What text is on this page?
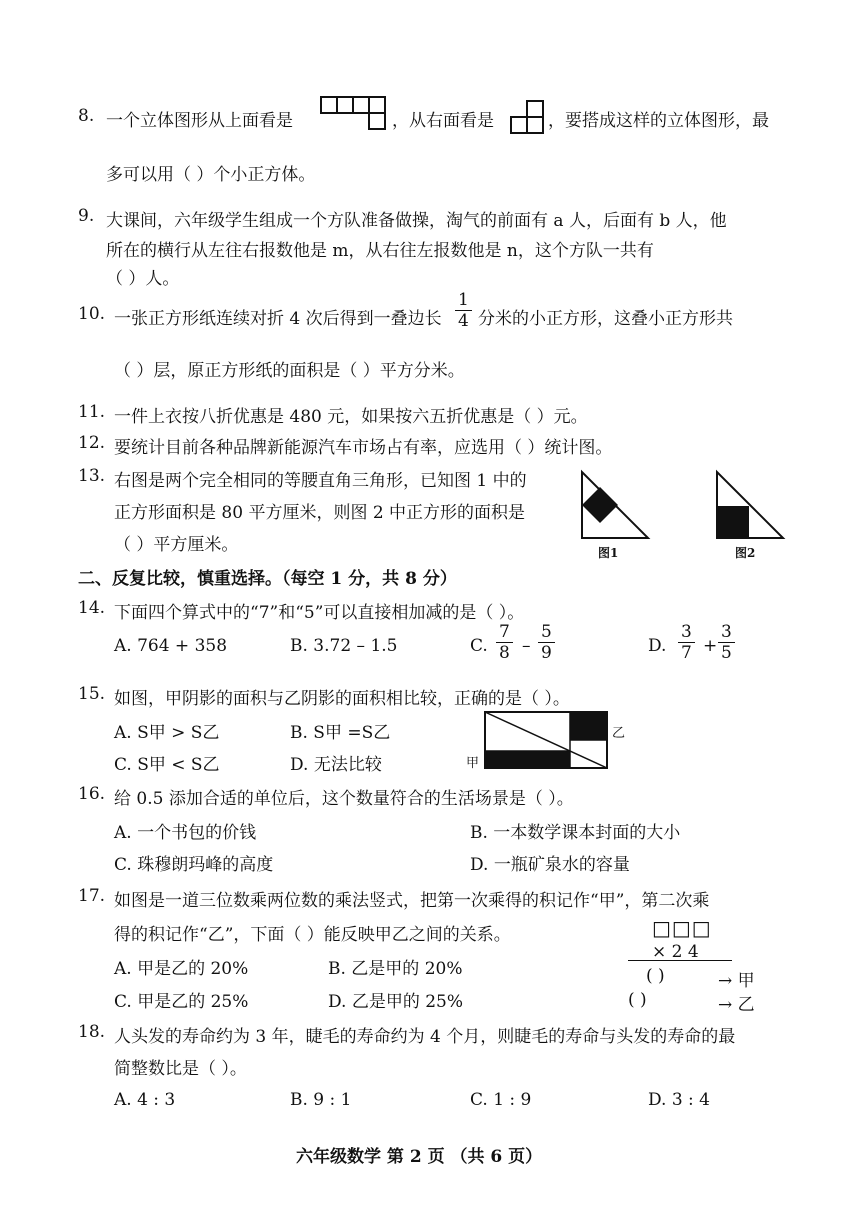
8. 一个立体图形从上面看是	，从右面看是	，要搭成这样的立体图形，最
多可以用（ ）个小正方体。
9. 大课间，六年级学生组成一个方队准备做操，淘气的前面有 a 人，后面有 b 人，他
所在的横行从左往右报数他是 m，从右往左报数他是 n，这个方队一共有
（ ）人。
10. 一张正方形纸连续对折 4 次后得到一叠边长 $\frac{1}{4}$ 分米的小正方形，这叠小正方形共
（ ）层，原正方形纸的面积是（ ）平方分米。
11. 一件上衣按八折优惠是 480 元，如果按六五折优惠是（ ）元。
12. 要统计目前各种品牌新能源汽车市场占有率，应选用（ ）统计图。
13. 右图是两个完全相同的等腰直角三角形，已知图 1 中的
正方形面积是 80 平方厘米，则图 2 中正方形的面积是
（ ）平方厘米。	图1	图2
二、反复比较，慎重选择。（每空 1 分，共 8 分）
14. 下面四个算式中的“7”和“5”可以直接相加减的是（ ）。
A. 764 + 358	B. 3.72 – 1.5	C. $\frac{7}{8} - \frac{5}{9}$	D. $\frac{3}{7} + \frac{3}{5}$
15. 如图，甲阴影的面积与乙阴影的面积相比较，正确的是（ ）。
A. S甲 > S乙	B. S甲 =S乙
C. S甲 < S乙	D. 无法比较	甲
乙
16. 给 0.5 添加合适的单位后，这个数量符合的生活场景是（ ）。
A. 一个书包的价钱	B. 一本数学课本封面的大小
C. 珠穆朗玛峰的高度	D. 一瓶矿泉水的容量
17. 如图是一道三位数乘两位数的乘法竖式，把第一次乘得的积记作“甲”，第二次乘
得的积记作“乙”，下面（ ）能反映甲乙之间的关系。
A. 甲是乙的 20%	B. 乙是甲的 20%
C. 甲是乙的 25%	D. 乙是甲的 25%
□□□
× 2 4
( )	→ 甲
( )	→ 乙
18. 人头发的寿命约为 3 年，睫毛的寿命约为 4 个月，则睫毛的寿命与头发的寿命的最
简整数比是（ ）。
A. 4 : 3	B. 9 : 1	C. 1 : 9	D. 3 : 4
六年级数学 第 2 页 （共 6 页）
